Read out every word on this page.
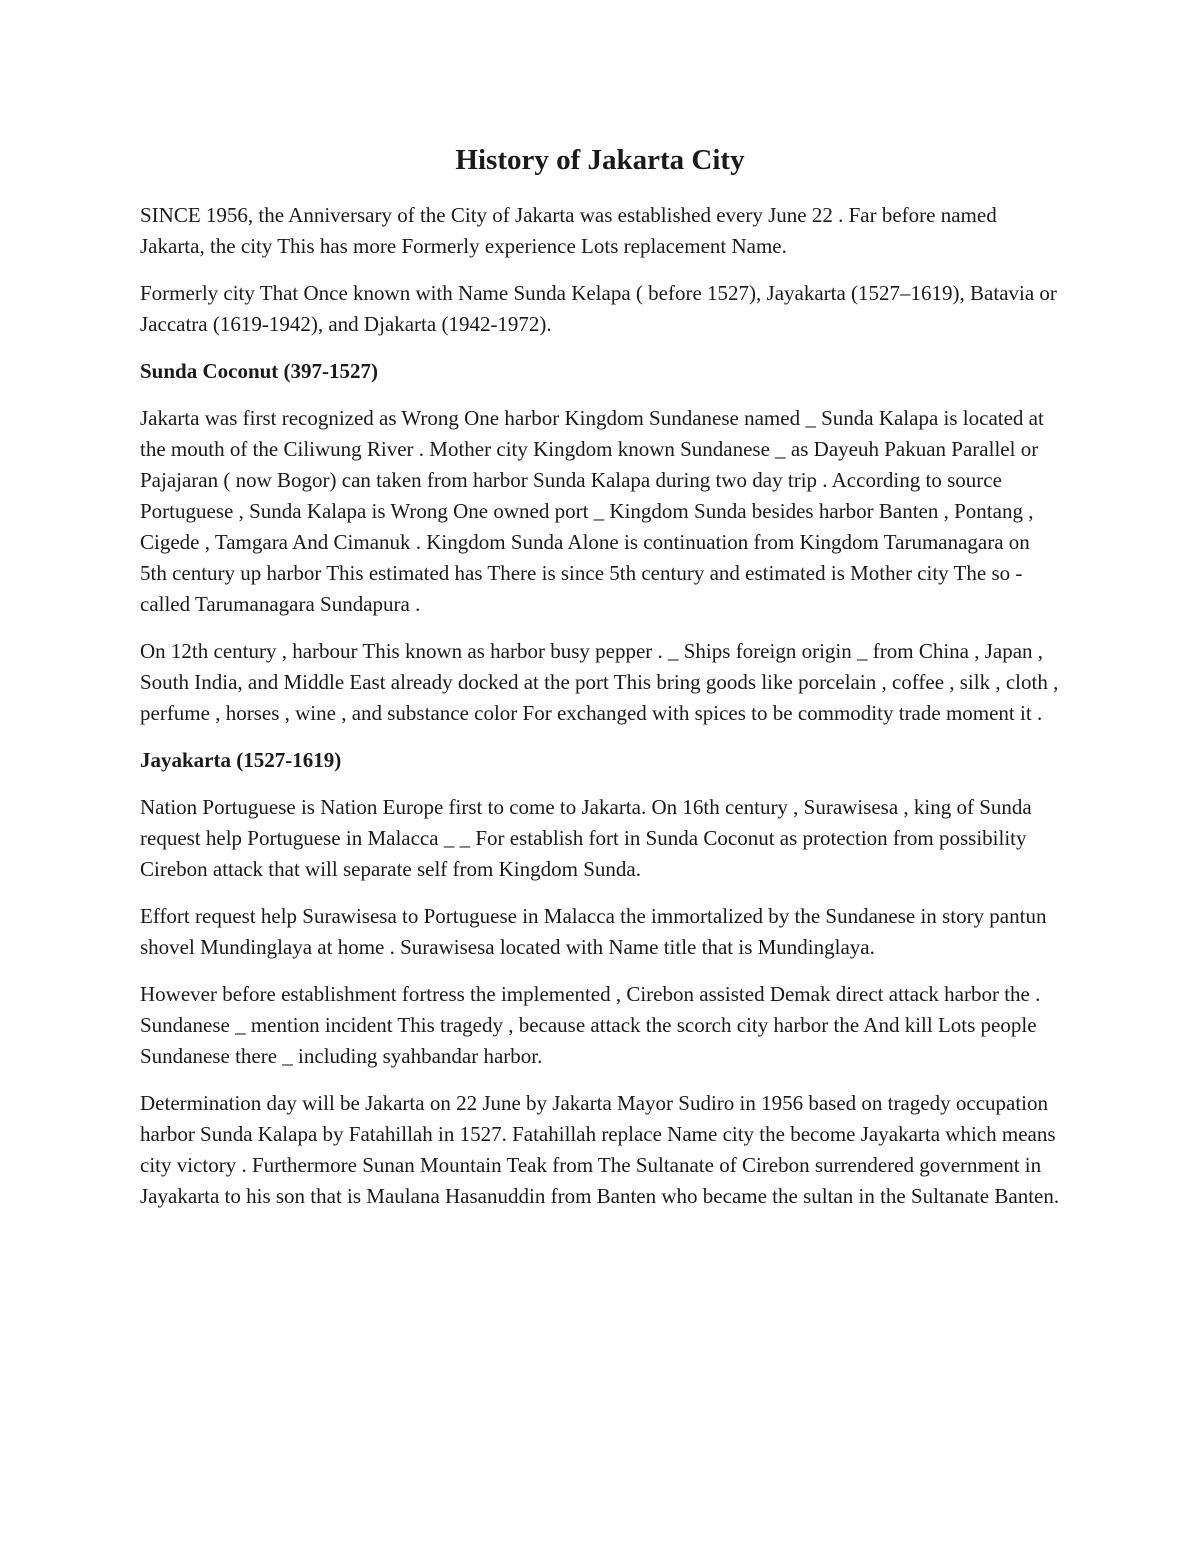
History of Jakarta City

SINCE 1956, the Anniversary of the City of Jakarta was established every June 22 . Far before named Jakarta, the city This has more Formerly experience Lots replacement Name.

Formerly city That Once known with Name Sunda Kelapa ( before 1527), Jayakarta (1527–1619), Batavia or Jaccatra (1619-1942), and Djakarta (1942-1972).

Sunda Coconut (397-1527)

Jakarta was first recognized as Wrong One harbor Kingdom Sundanese named _ Sunda Kalapa is located at the mouth of the Ciliwung River . Mother city Kingdom known Sundanese _ as Dayeuh Pakuan Parallel or Pajajaran ( now Bogor) can taken from harbor Sunda Kalapa during two day trip . According to source Portuguese , Sunda Kalapa is Wrong One owned port _ Kingdom Sunda besides harbor Banten , Pontang , Cigede , Tamgara And Cimanuk . Kingdom Sunda Alone is continuation from Kingdom Tarumanagara on 5th century up harbor This estimated has There is since 5th century and estimated is Mother city The so -called Tarumanagara Sundapura .

On 12th century , harbour This known as harbor busy pepper . _ Ships foreign origin _ from China , Japan , South India, and Middle East already docked at the port This bring goods like porcelain , coffee , silk , cloth , perfume , horses , wine , and substance color For exchanged with spices to be commodity trade moment it .

Jayakarta (1527-1619)

Nation Portuguese is Nation Europe first to come to Jakarta. On 16th century , Surawisesa , king of Sunda request help Portuguese in Malacca _ _ For establish fort in Sunda Coconut as protection from possibility Cirebon attack that will separate self from Kingdom Sunda.

Effort request help Surawisesa to Portuguese in Malacca the immortalized by the Sundanese in story pantun shovel Mundinglaya at home . Surawisesa located with Name title that is Mundinglaya.

However before establishment fortress the implemented , Cirebon assisted Demak direct attack harbor the . Sundanese _ mention incident This tragedy , because attack the scorch city harbor the And kill Lots people Sundanese there _ including syahbandar harbor.

Determination day will be Jakarta on 22 June by Jakarta Mayor Sudiro in 1956 based on tragedy occupation harbor Sunda Kalapa by Fatahillah in 1527. Fatahillah replace Name city the become Jayakarta which means city victory . Furthermore Sunan Mountain Teak from The Sultanate of Cirebon surrendered government in Jayakarta to his son that is Maulana Hasanuddin from Banten who became the sultan in the Sultanate Banten.
